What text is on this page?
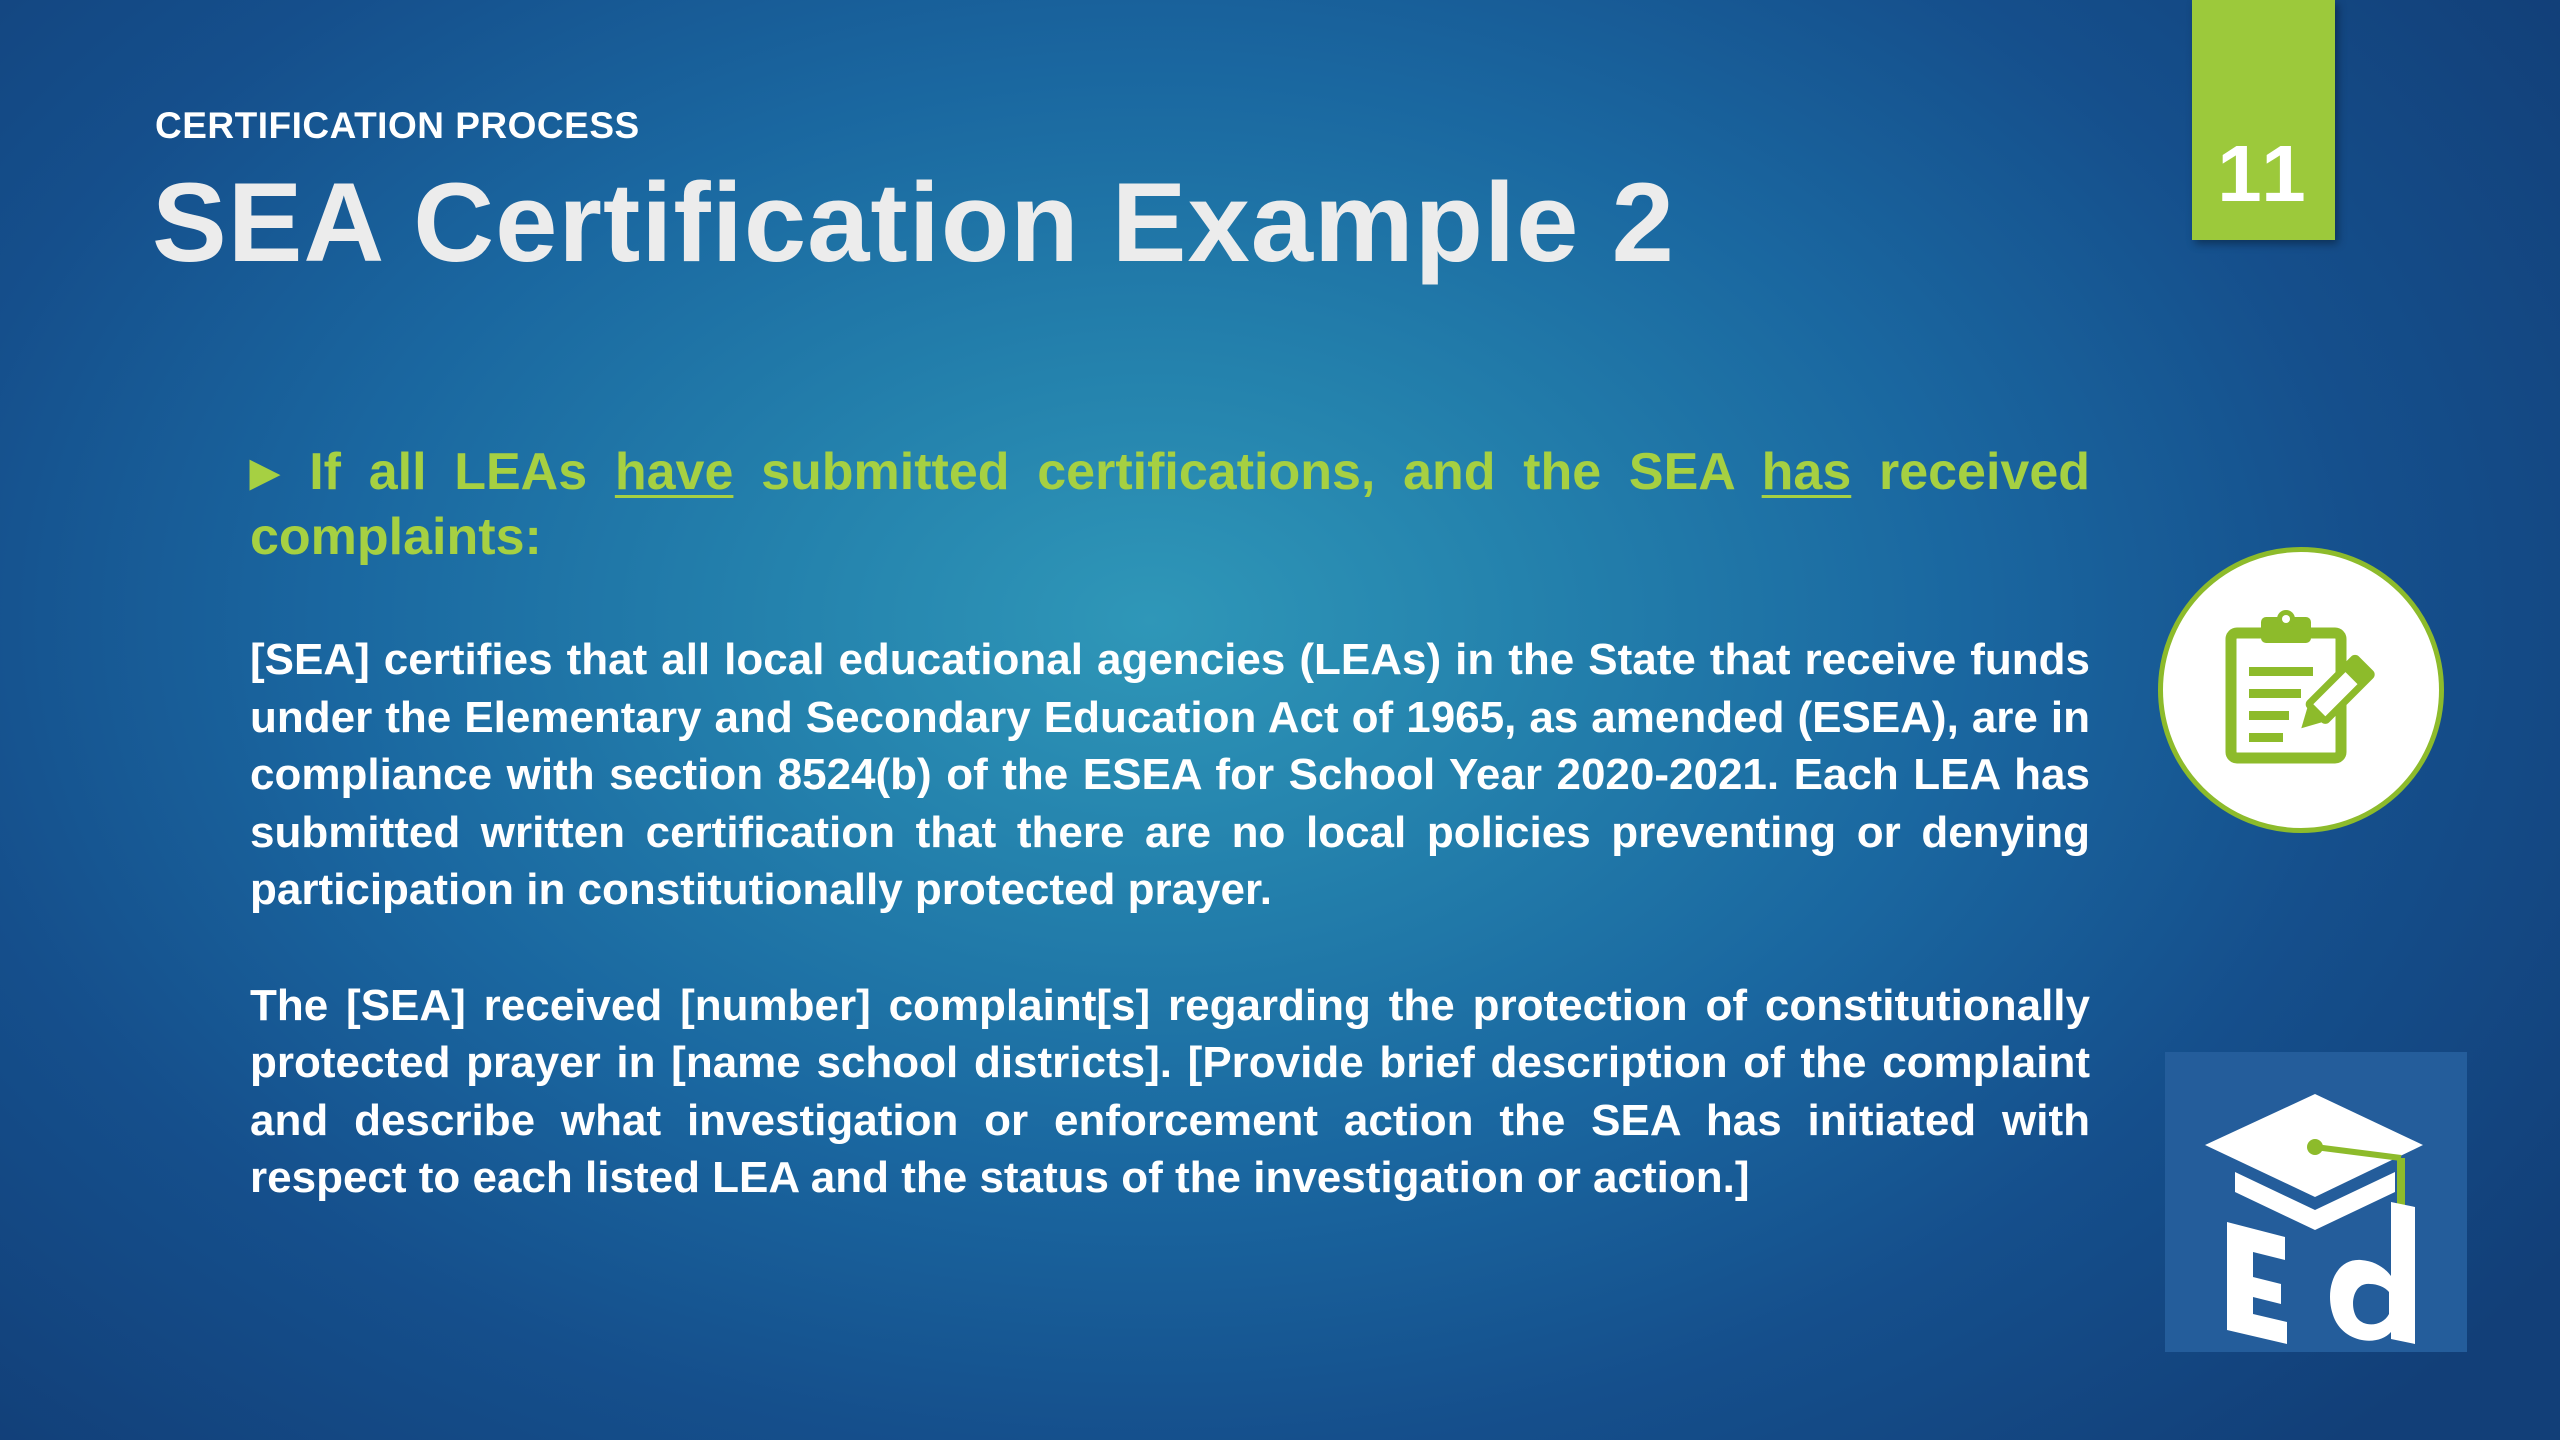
CERTIFICATION PROCESS
SEA Certification Example 2	11

▶ If all LEAs have submitted certifications, and the SEA has received complaints:

[SEA] certifies that all local educational agencies (LEAs) in the State that receive funds under the Elementary and Secondary Education Act of 1965, as amended (ESEA), are in compliance with section 8524(b) of the ESEA for School Year 2020-2021. Each LEA has submitted written certification that there are no local policies preventing or denying participation in constitutionally protected prayer.

The [SEA] received [number] complaint[s] regarding the protection of constitutionally protected prayer in [name school districts]. [Provide brief description of the complaint and describe what investigation or enforcement action the SEA has initiated with respect to each listed LEA and the status of the investigation or action.]
